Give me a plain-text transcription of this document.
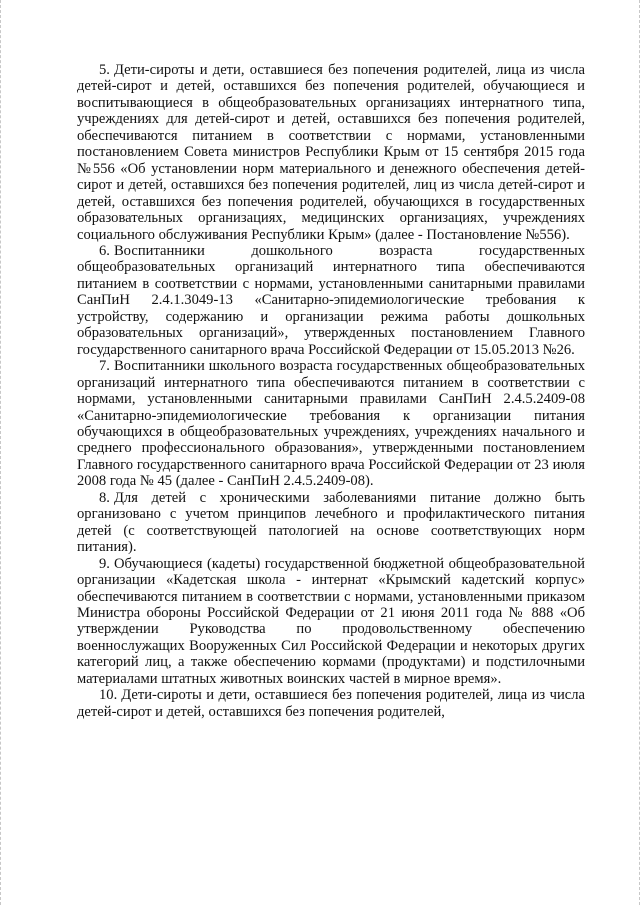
5. Дети-сироты и дети, оставшиеся без попечения родителей, лица из числа детей-сирот и детей, оставшихся без попечения родителей, обучающиеся и воспитывающиеся в общеобразовательных организациях интернатного типа, учреждениях для детей-сирот и детей, оставшихся без попечения родителей, обеспечиваются питанием в соответствии с нормами, установленными постановлением Совета министров Республики Крым от 15 сентября 2015 года №556 «Об установлении норм материального и денежного обеспечения детей-сирот и детей, оставшихся без попечения родителей, лиц из числа детей-сирот и детей, оставшихся без попечения родителей, обучающихся в государственных образовательных организациях, медицинских организациях, учреждениях социального обслуживания Республики Крым» (далее - Постановление №556).

6. Воспитанники дошкольного возраста государственных общеобразовательных организаций интернатного типа обеспечиваются питанием в соответствии с нормами, установленными санитарными правилами СанПиН 2.4.1.3049-13 «Санитарно-эпидемиологические требования к устройству, содержанию и организации режима работы дошкольных образовательных организаций», утвержденных постановлением Главного государственного санитарного врача Российской Федерации от 15.05.2013 №26.

7. Воспитанники школьного возраста государственных общеобразовательных организаций интернатного типа обеспечиваются питанием в соответствии с нормами, установленными санитарными правилами СанПиН 2.4.5.2409-08 «Санитарно-эпидемиологические требования к организации питания обучающихся в общеобразовательных учреждениях, учреждениях начального и среднего профессионального образования», утвержденными постановлением Главного государственного санитарного врача Российской Федерации от 23 июля 2008 года № 45 (далее - СанПиН 2.4.5.2409-08).

8. Для детей с хроническими заболеваниями питание должно быть организовано с учетом принципов лечебного и профилактического питания детей (с соответствующей патологией на основе соответствующих норм питания).

9. Обучающиеся (кадеты) государственной бюджетной общеобразовательной организации «Кадетская школа - интернат «Крымский кадетский корпус» обеспечиваются питанием в соответствии с нормами, установленными приказом Министра обороны Российской Федерации от 21 июня 2011 года № 888 «Об утверждении Руководства по продовольственному обеспечению военнослужащих Вооруженных Сил Российской Федерации и некоторых других категорий лиц, а также обеспечению кормами (продуктами) и подстилочными материалами штатных животных воинских частей в мирное время».

10. Дети-сироты и дети, оставшиеся без попечения родителей, лица из числа детей-сирот и детей, оставшихся без попечения родителей,
